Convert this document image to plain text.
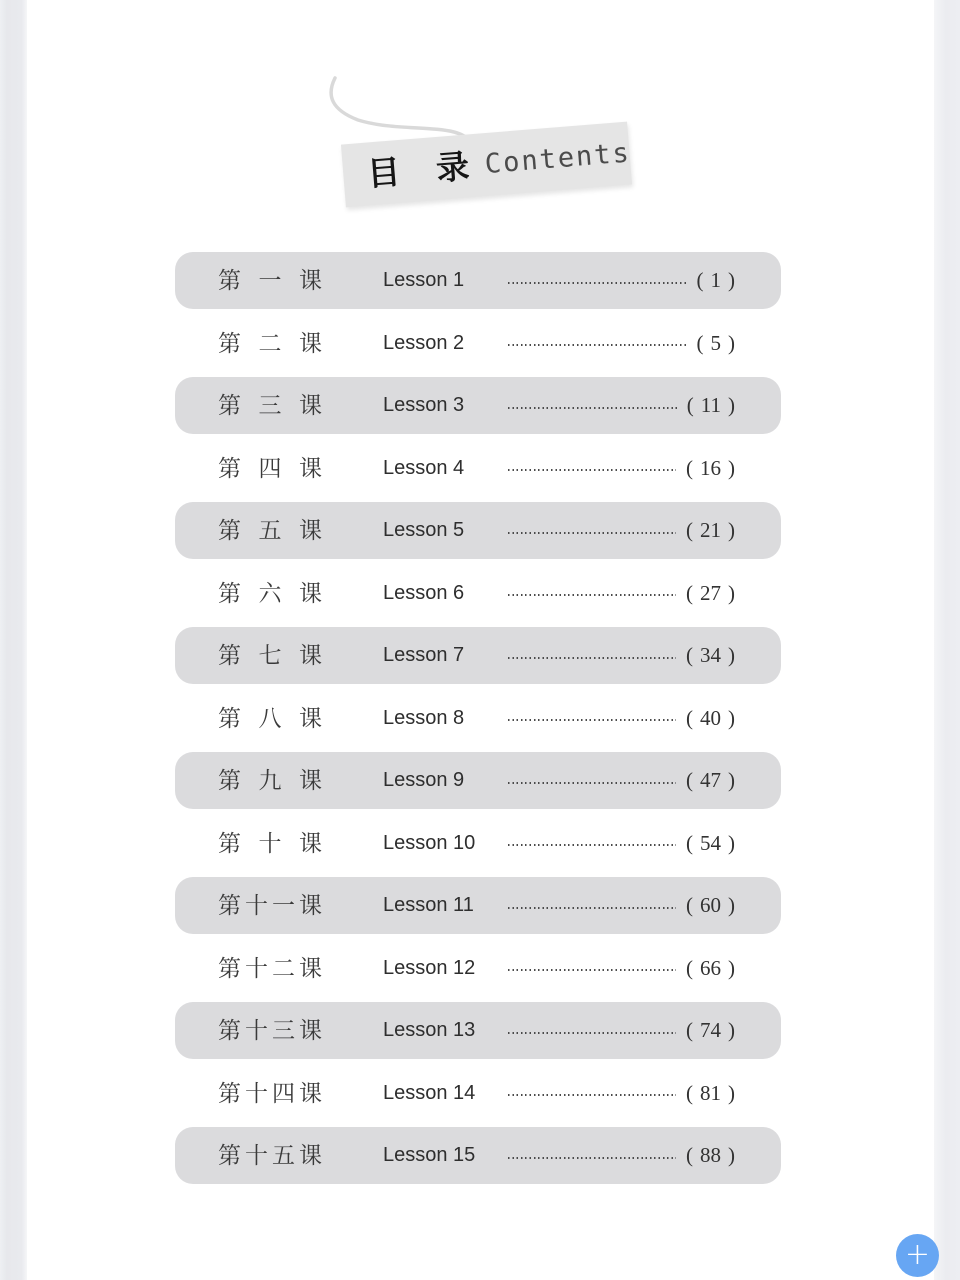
目 录 Contents
第 一 课	Lesson 1	( 1 )
第 二 课	Lesson 2	( 5 )
第 三 课	Lesson 3	( 11 )
第 四 课	Lesson 4	( 16 )
第 五 课	Lesson 5	( 21 )
第 六 课	Lesson 6	( 27 )
第 七 课	Lesson 7	( 34 )
第 八 课	Lesson 8	( 40 )
第 九 课	Lesson 9	( 47 )
第 十 课	Lesson 10	( 54 )
第 十 一 课	Lesson 11	( 60 )
第 十 二 课	Lesson 12	( 66 )
第 十 三 课	Lesson 13	( 74 )
第 十 四 课	Lesson 14	( 81 )
第 十 五 课	Lesson 15	( 88 )
+
